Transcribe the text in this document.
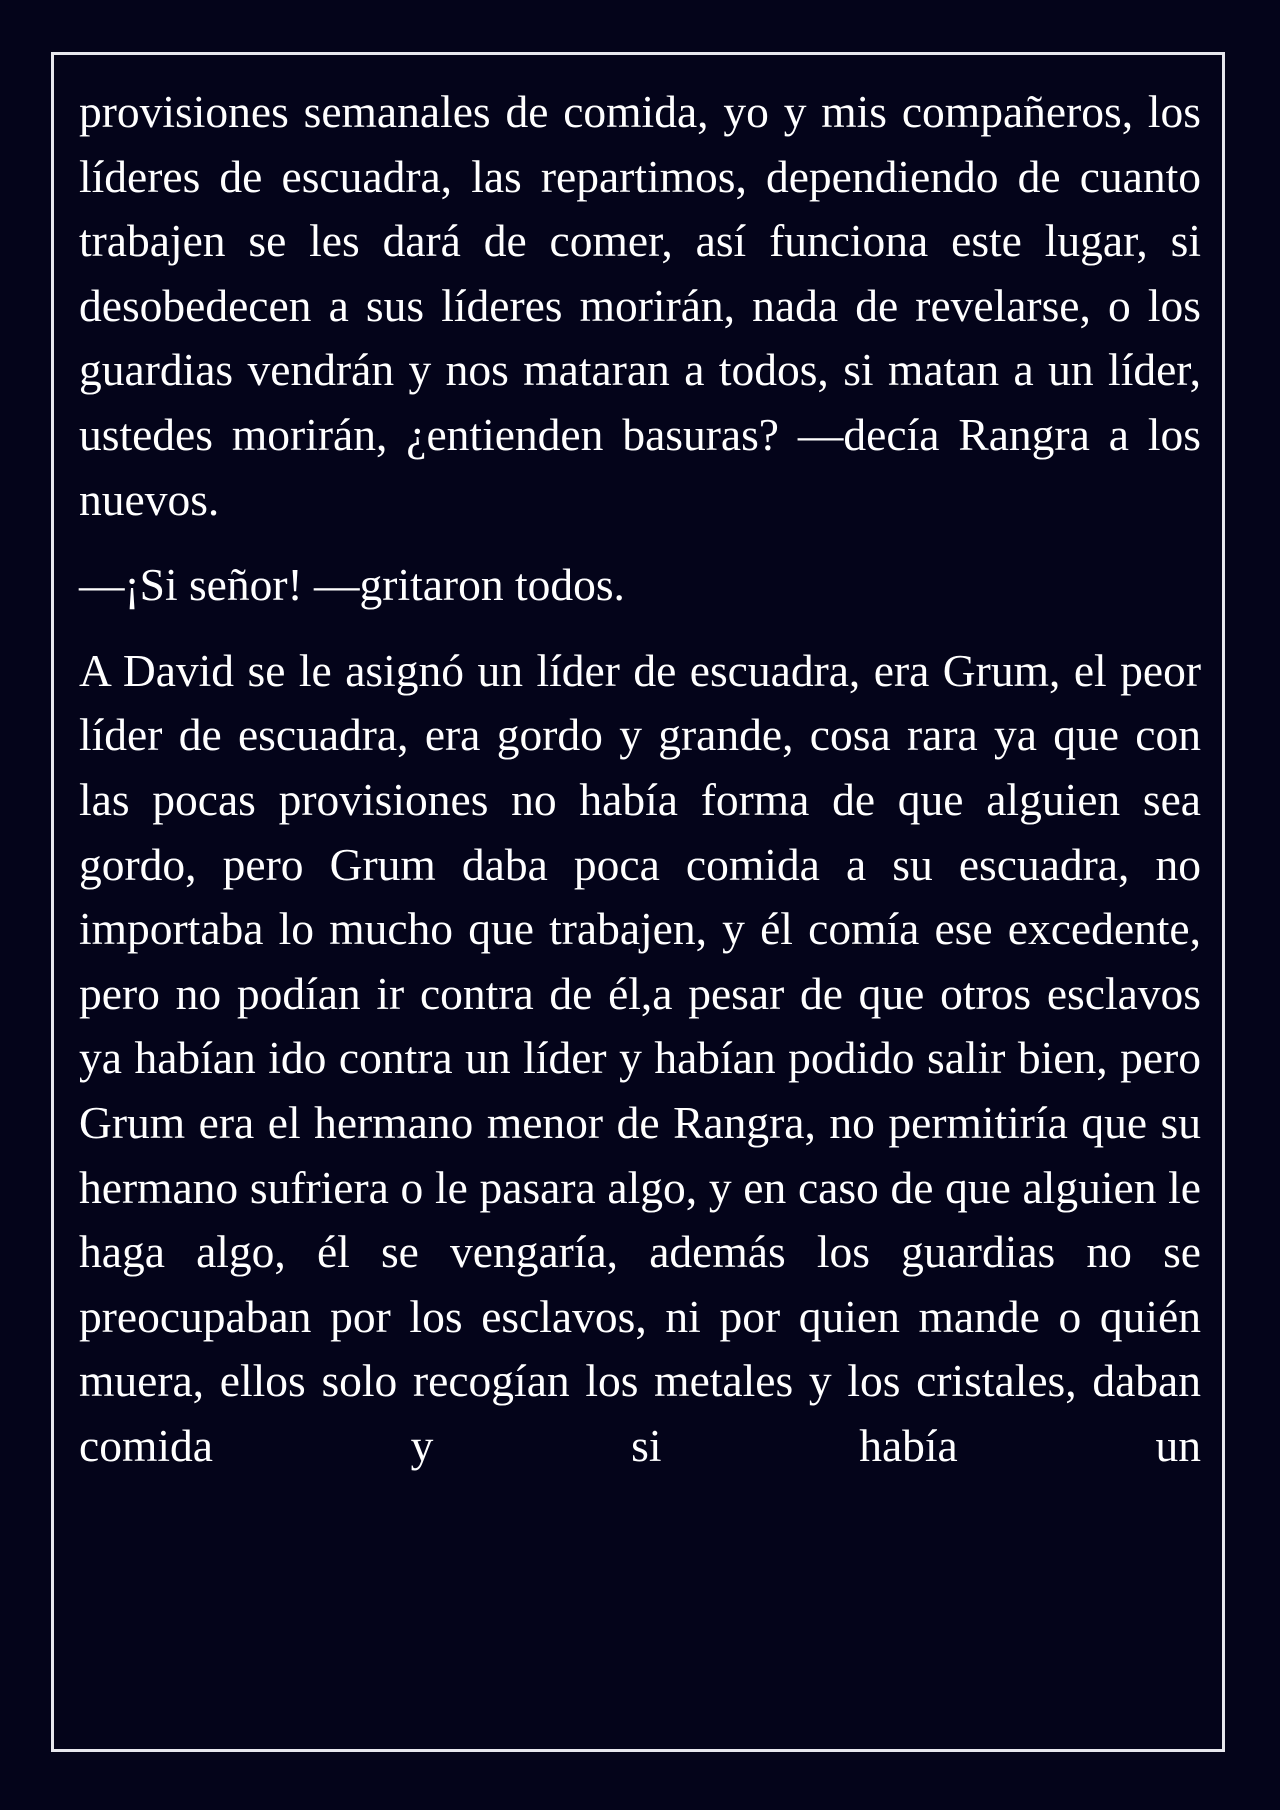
provisiones semanales de comida, yo y mis compañeros, los líderes de escuadra, las repartimos, dependiendo de cuanto trabajen se les dará de comer, así funciona este lugar, si desobedecen a sus líderes morirán, nada de revelarse, o los guardias vendrán y nos mataran a todos, si matan a un líder, ustedes morirán, ¿entienden basuras? —decía Rangra a los nuevos.

—¡Si señor! —gritaron todos.

A David se le asignó un líder de escuadra, era Grum, el peor líder de escuadra, era gordo y grande, cosa rara ya que con las pocas provisiones no había forma de que alguien sea gordo, pero Grum daba poca comida a su escuadra, no importaba lo mucho que trabajen, y él comía ese excedente, pero no podían ir contra de él,a pesar de que otros esclavos ya habían ido contra un líder y habían podido salir bien, pero Grum era el hermano menor de Rangra, no permitiría que su hermano sufriera o le pasara algo, y en caso de que alguien le haga algo, él se vengaría, además los guardias no se preocupaban por los esclavos, ni por quien mande o quién muera, ellos solo recogían los metales y los cristales, daban comida y si había un
